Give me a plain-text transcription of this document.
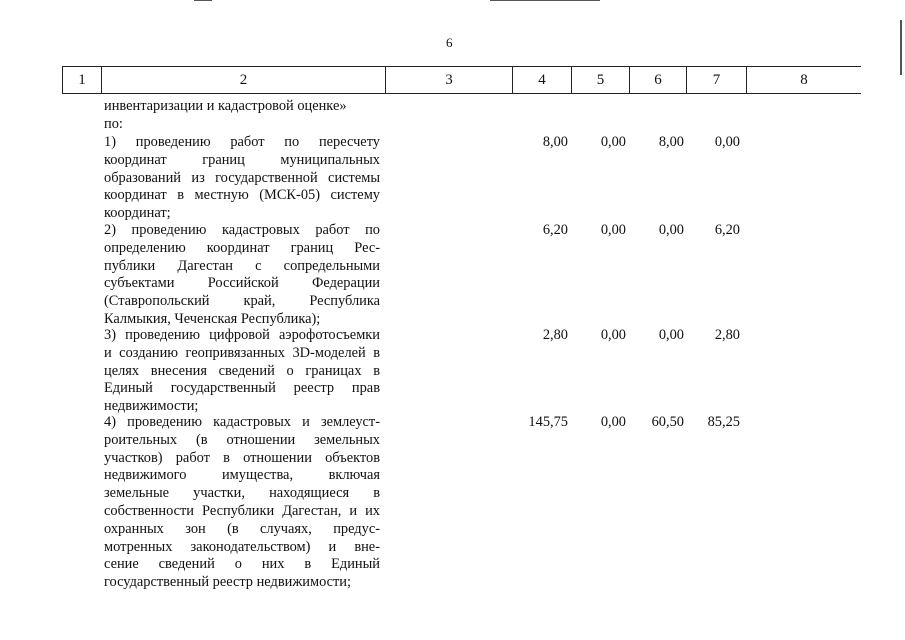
6
1	2	3	4	5	6	7	8
инвентаризации и кадастровой оценке»
по:
1) проведению работ по пересчету
координат границ муниципальных
образований из государственной системы
координат в местную (МСК-05) систему
координат;
8,00	0,00	8,00	0,00
2) проведению кадастровых работ по
определению координат границ Рес-
публики Дагестан с сопредельными
субъектами Российской Федерации
(Ставропольский край, Республика
Калмыкия, Чеченская Республика);
6,20	0,00	0,00	6,20
3) проведению цифровой аэрофотосъемки
и созданию геопривязанных 3D-моделей в
целях внесения сведений о границах в
Единый государственный реестр прав
недвижимости;
2,80	0,00	0,00	2,80
4) проведению кадастровых и землеуст-
роительных (в отношении земельных
участков) работ в отношении объектов
недвижимого имущества, включая
земельные участки, находящиеся в
собственности Республики Дагестан, и их
охранных зон (в случаях, предус-
мотренных законодательством) и вне-
сение сведений о них в Единый
государственный реестр недвижимости;
145,75	0,00	60,50	85,25
